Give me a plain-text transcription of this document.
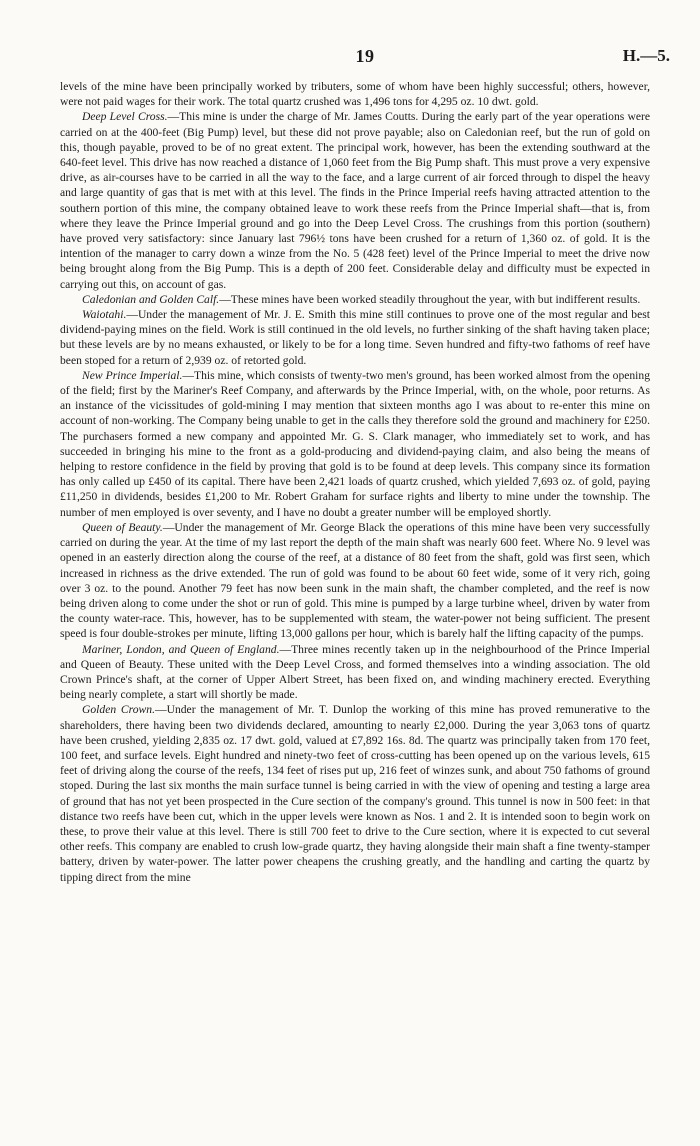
19	H.—5.

levels of the mine have been principally worked by tributers, some of whom have been highly successful; others, however, were not paid wages for their work. The total quartz crushed was 1,496 tons for 4,295 oz. 10 dwt. gold.

Deep Level Cross.—This mine is under the charge of Mr. James Coutts. During the early part of the year operations were carried on at the 400-feet (Big Pump) level, but these did not prove payable; also on Caledonian reef, but the run of gold on this, though payable, proved to be of no great extent. The principal work, however, has been the extending southward at the 640-feet level. This drive has now reached a distance of 1,060 feet from the Big Pump shaft. This must prove a very expensive drive, as air-courses have to be carried in all the way to the face, and a large current of air forced through to dispel the heavy and large quantity of gas that is met with at this level. The finds in the Prince Imperial reefs having attracted attention to the southern portion of this mine, the company obtained leave to work these reefs from the Prince Imperial shaft—that is, from where they leave the Prince Imperial ground and go into the Deep Level Cross. The crushings from this portion (southern) have proved very satisfactory: since January last 796½ tons have been crushed for a return of 1,360 oz. of gold. It is the intention of the manager to carry down a winze from the No. 5 (428 feet) level of the Prince Imperial to meet the drive now being brought along from the Big Pump. This is a depth of 200 feet. Considerable delay and difficulty must be expected in carrying out this, on account of gas.

Caledonian and Golden Calf.—These mines have been worked steadily throughout the year, with but indifferent results.

Waiotahi.—Under the management of Mr. J. E. Smith this mine still continues to prove one of the most regular and best dividend-paying mines on the field. Work is still continued in the old levels, no further sinking of the shaft having taken place; but these levels are by no means exhausted, or likely to be for a long time. Seven hundred and fifty-two fathoms of reef have been stoped for a return of 2,939 oz. of retorted gold.

New Prince Imperial.—This mine, which consists of twenty-two men's ground, has been worked almost from the opening of the field; first by the Mariner's Reef Company, and afterwards by the Prince Imperial, with, on the whole, poor returns. As an instance of the vicissitudes of gold-mining I may mention that sixteen months ago I was about to re-enter this mine on account of non-working. The Company being unable to get in the calls they therefore sold the ground and machinery for £250. The purchasers formed a new company and appointed Mr. G. S. Clark manager, who immediately set to work, and has succeeded in bringing his mine to the front as a gold-producing and dividend-paying claim, and also being the means of helping to restore confidence in the field by proving that gold is to be found at deep levels. This company since its formation has only called up £450 of its capital. There have been 2,421 loads of quartz crushed, which yielded 7,693 oz. of gold, paying £11,250 in dividends, besides £1,200 to Mr. Robert Graham for surface rights and liberty to mine under the township. The number of men employed is over seventy, and I have no doubt a greater number will be employed shortly.

Queen of Beauty.—Under the management of Mr. George Black the operations of this mine have been very successfully carried on during the year. At the time of my last report the depth of the main shaft was nearly 600 feet. Where No. 9 level was opened in an easterly direction along the course of the reef, at a distance of 80 feet from the shaft, gold was first seen, which increased in richness as the drive extended. The run of gold was found to be about 60 feet wide, some of it very rich, going over 3 oz. to the pound. Another 79 feet has now been sunk in the main shaft, the chamber completed, and the reef is now being driven along to come under the shot or run of gold. This mine is pumped by a large turbine wheel, driven by water from the county water-race. This, however, has to be supplemented with steam, the water-power not being sufficient. The present speed is four double-strokes per minute, lifting 13,000 gallons per hour, which is barely half the lifting capacity of the pumps.

Mariner, London, and Queen of England.—Three mines recently taken up in the neighbourhood of the Prince Imperial and Queen of Beauty. These united with the Deep Level Cross, and formed themselves into a winding association. The old Crown Prince's shaft, at the corner of Upper Albert Street, has been fixed on, and winding machinery erected. Everything being nearly complete, a start will shortly be made.

Golden Crown.—Under the management of Mr. T. Dunlop the working of this mine has proved remunerative to the shareholders, there having been two dividends declared, amounting to nearly £2,000. During the year 3,063 tons of quartz have been crushed, yielding 2,835 oz. 17 dwt. gold, valued at £7,892 16s. 8d. The quartz was principally taken from 170 feet, 100 feet, and surface levels. Eight hundred and ninety-two feet of cross-cutting has been opened up on the various levels, 615 feet of driving along the course of the reefs, 134 feet of rises put up, 216 feet of winzes sunk, and about 750 fathoms of ground stoped. During the last six months the main surface tunnel is being carried in with the view of opening and testing a large area of ground that has not yet been prospected in the Cure section of the company's ground. This tunnel is now in 500 feet: in that distance two reefs have been cut, which in the upper levels were known as Nos. 1 and 2. It is intended soon to begin work on these, to prove their value at this level. There is still 700 feet to drive to the Cure section, where it is expected to cut several other reefs. This company are enabled to crush low-grade quartz, they having alongside their main shaft a fine twenty-stamper battery, driven by water-power. The latter power cheapens the crushing greatly, and the handling and carting the quartz by tipping direct from the mine
